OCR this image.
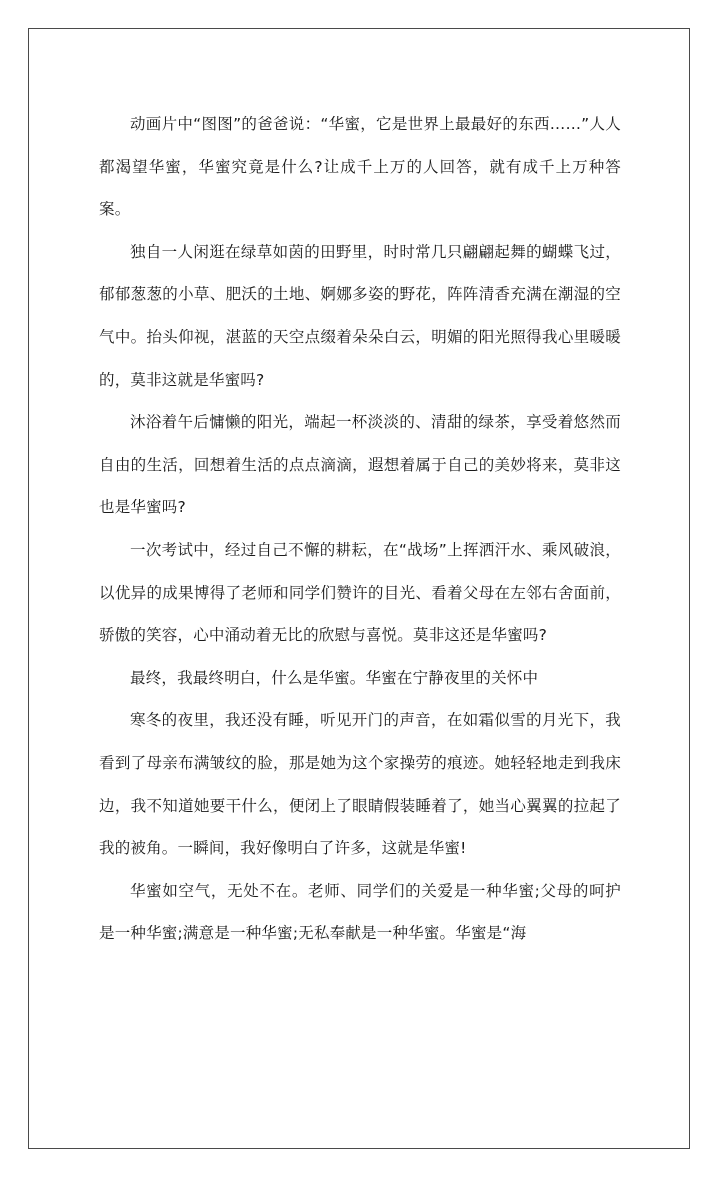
动画片中“图图”的爸爸说：“华蜜，它是世界上最最好的东西……”人人都渴望华蜜，华蜜究竟是什么?让成千上万的人回答，就有成千上万种答案。

独自一人闲逛在绿草如茵的田野里，时时常几只翩翩起舞的蝴蝶飞过，郁郁葱葱的小草、肥沃的土地、婀娜多姿的野花，阵阵清香充满在潮湿的空气中。抬头仰视，湛蓝的天空点缀着朵朵白云，明媚的阳光照得我心里暖暖的，莫非这就是华蜜吗?

沐浴着午后慵懒的阳光，端起一杯淡淡的、清甜的绿茶，享受着悠然而自由的生活，回想着生活的点点滴滴，遐想着属于自己的美妙将来，莫非这也是华蜜吗?

一次考试中，经过自己不懈的耕耘，在“战场”上挥洒汗水、乘风破浪，以优异的成果博得了老师和同学们赞许的目光、看着父母在左邻右舍面前，骄傲的笑容，心中涌动着无比的欣慰与喜悦。莫非这还是华蜜吗?

最终，我最终明白，什么是华蜜。华蜜在宁静夜里的关怀中

寒冬的夜里，我还没有睡，听见开门的声音，在如霜似雪的月光下，我看到了母亲布满皱纹的脸，那是她为这个家操劳的痕迹。她轻轻地走到我床边，我不知道她要干什么，便闭上了眼睛假装睡着了，她当心翼翼的拉起了我的被角。一瞬间，我好像明白了许多，这就是华蜜!

华蜜如空气，无处不在。老师、同学们的关爱是一种华蜜;父母的呵护是一种华蜜;满意是一种华蜜;无私奉献是一种华蜜。华蜜是“海
